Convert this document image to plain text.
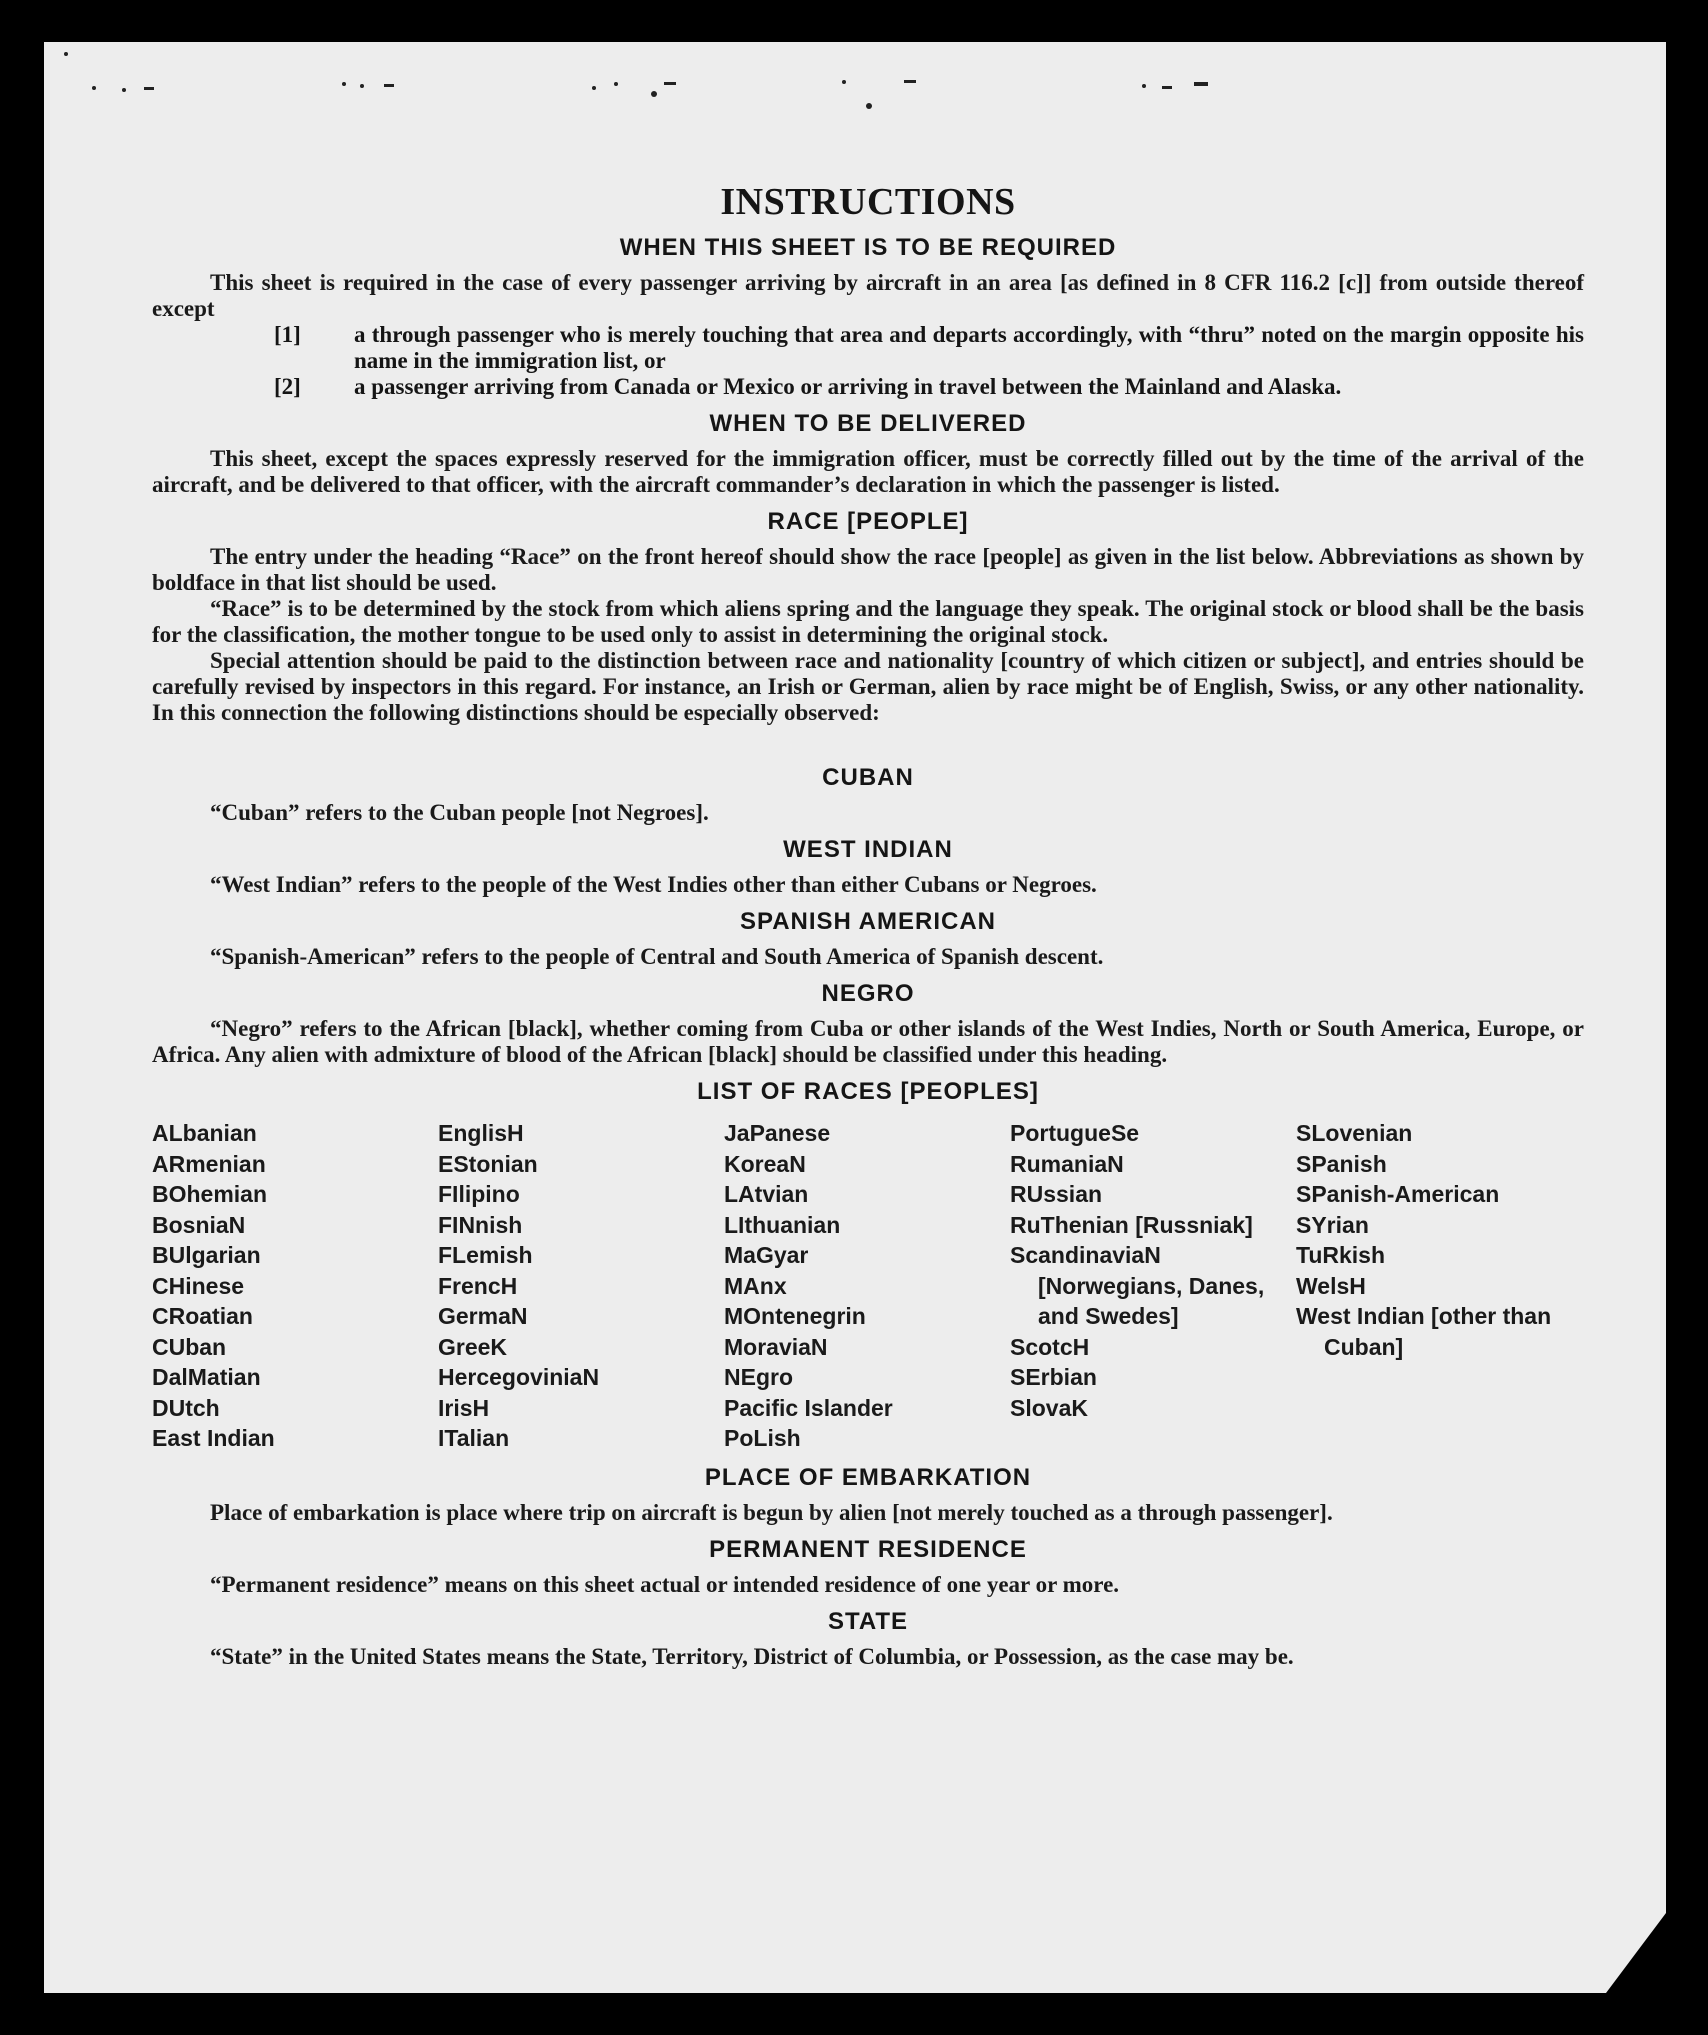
INSTRUCTIONS
WHEN THIS SHEET IS TO BE REQUIRED

This sheet is required in the case of every passenger arriving by aircraft in an area [as defined in 8 CFR 116.2 [c]] from outside thereof except

[1]	a through passenger who is merely touching that area and departs accordingly, with “thru” noted on the margin opposite his name in the immigration list, or
[2]	a passenger arriving from Canada or Mexico or arriving in travel between the Mainland and Alaska.
WHEN TO BE DELIVERED

This sheet, except the spaces expressly reserved for the immigration officer, must be correctly filled out by the time of the arrival of the aircraft, and be delivered to that officer, with the aircraft commander’s declaration in which the passenger is listed.

RACE [PEOPLE]

The entry under the heading “Race” on the front hereof should show the race [people] as given in the list below. Abbreviations as shown by boldface in that list should be used.

“Race” is to be determined by the stock from which aliens spring and the language they speak. The original stock or blood shall be the basis for the classification, the mother tongue to be used only to assist in determining the original stock.

Special attention should be paid to the distinction between race and nationality [country of which citizen or subject], and entries should be carefully revised by inspectors in this regard. For instance, an Irish or German, alien by race might be of English, Swiss, or any other nationality. In this connection the following distinctions should be especially observed:

CUBAN

“Cuban” refers to the Cuban people [not Negroes].

WEST INDIAN

“West Indian” refers to the people of the West Indies other than either Cubans or Negroes.

SPANISH AMERICAN

“Spanish-American” refers to the people of Central and South America of Spanish descent.

NEGRO

“Negro” refers to the African [black], whether coming from Cuba or other islands of the West Indies, North or South America, Europe, or Africa. Any alien with admixture of blood of the African [black] should be classified under this heading.

LIST OF RACES [PEOPLES]
ALbanian
ARmenian
BOhemian
BosniaN
BUlgarian
CHinese
CRoatian
CUban
DalMatian
DUtch
East Indian
EnglisH
EStonian
FIlipino
FINnish
FLemish
FrencH
GermaN
GreeK
HercegoviniaN
IrisH
ITalian
JaPanese
KoreaN
LAtvian
LIthuanian
MaGyar
MAnx
MOntenegrin
MoraviaN
NEgro
Pacific Islander
PoLish
PortugueSe
RumaniaN
RUssian
RuThenian [Russniak]
ScandinaviaN [Norwegians, Danes, and Swedes]
ScotcH
SErbian
SlovaK
SLovenian
SPanish
SPanish-American
SYrian
TuRkish
WelsH
West Indian [other than Cuban]
PLACE OF EMBARKATION

Place of embarkation is place where trip on aircraft is begun by alien [not merely touched as a through passenger].

PERMANENT RESIDENCE

“Permanent residence” means on this sheet actual or intended residence of one year or more.

STATE

“State” in the United States means the State, Territory, District of Columbia, or Possession, as the case may be.
